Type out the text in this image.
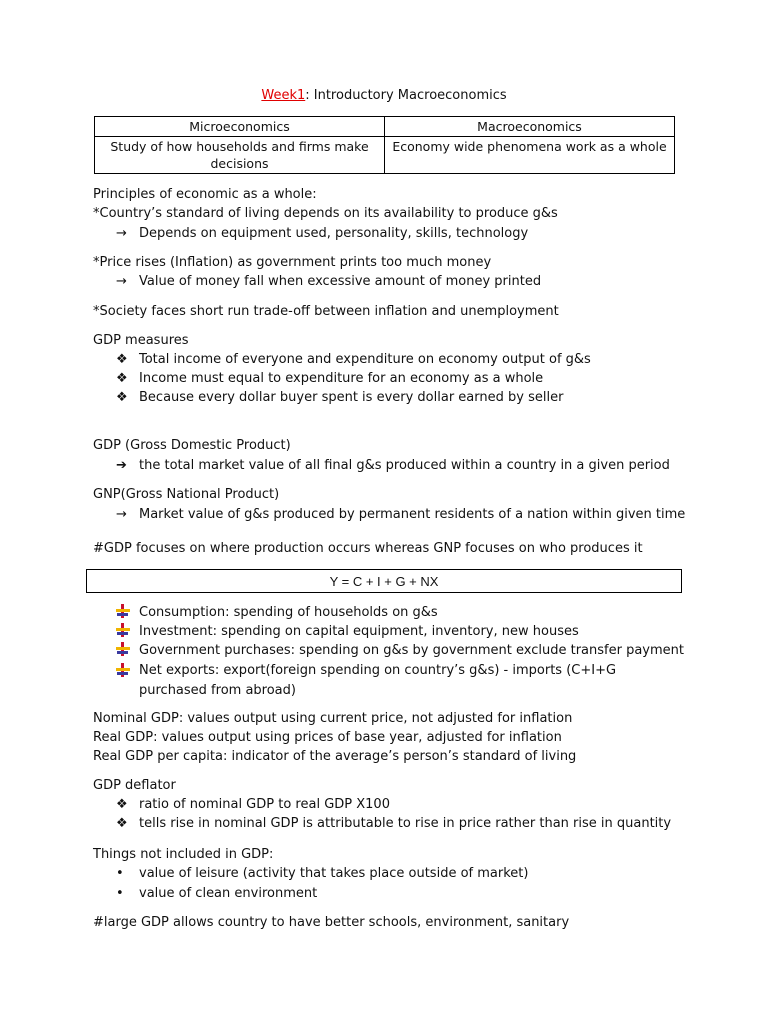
Week1: Introductory Macroeconomics
Microeconomics	Macroeconomics
Study of how households and firms make decisions	Economy wide phenomena work as a whole
Principles of economic as a whole:
*Country’s standard of living depends on its availability to produce g&s
→ Depends on equipment used, personality, skills, technology
*Price rises (Inflation) as government prints too much money
→ Value of money fall when excessive amount of money printed
*Society faces short run trade-off between inflation and unemployment
GDP measures
❖ Total income of everyone and expenditure on economy output of g&s
❖ Income must equal to expenditure for an economy as a whole
❖ Because every dollar buyer spent is every dollar earned by seller
GDP (Gross Domestic Product)
➔ the total market value of all final g&s produced within a country in a given period
GNP(Gross National Product)
→ Market value of g&s produced by permanent residents of a nation within given time
#GDP focuses on where production occurs whereas GNP focuses on who produces it
Y = C + I + G + NX
Consumption: spending of households on g&s
Investment: spending on capital equipment, inventory, new houses
Government purchases: spending on g&s by government exclude transfer payment
Net exports: export(foreign spending on country’s g&s) - imports (C+I+G purchased from abroad)
Nominal GDP: values output using current price, not adjusted for inflation
Real GDP: values output using prices of base year, adjusted for inflation
Real GDP per capita: indicator of the average’s person’s standard of living
GDP deflator
❖ ratio of nominal GDP to real GDP X100
❖ tells rise in nominal GDP is attributable to rise in price rather than rise in quantity
Things not included in GDP:
• value of leisure (activity that takes place outside of market)
• value of clean environment
#large GDP allows country to have better schools, environment, sanitary
